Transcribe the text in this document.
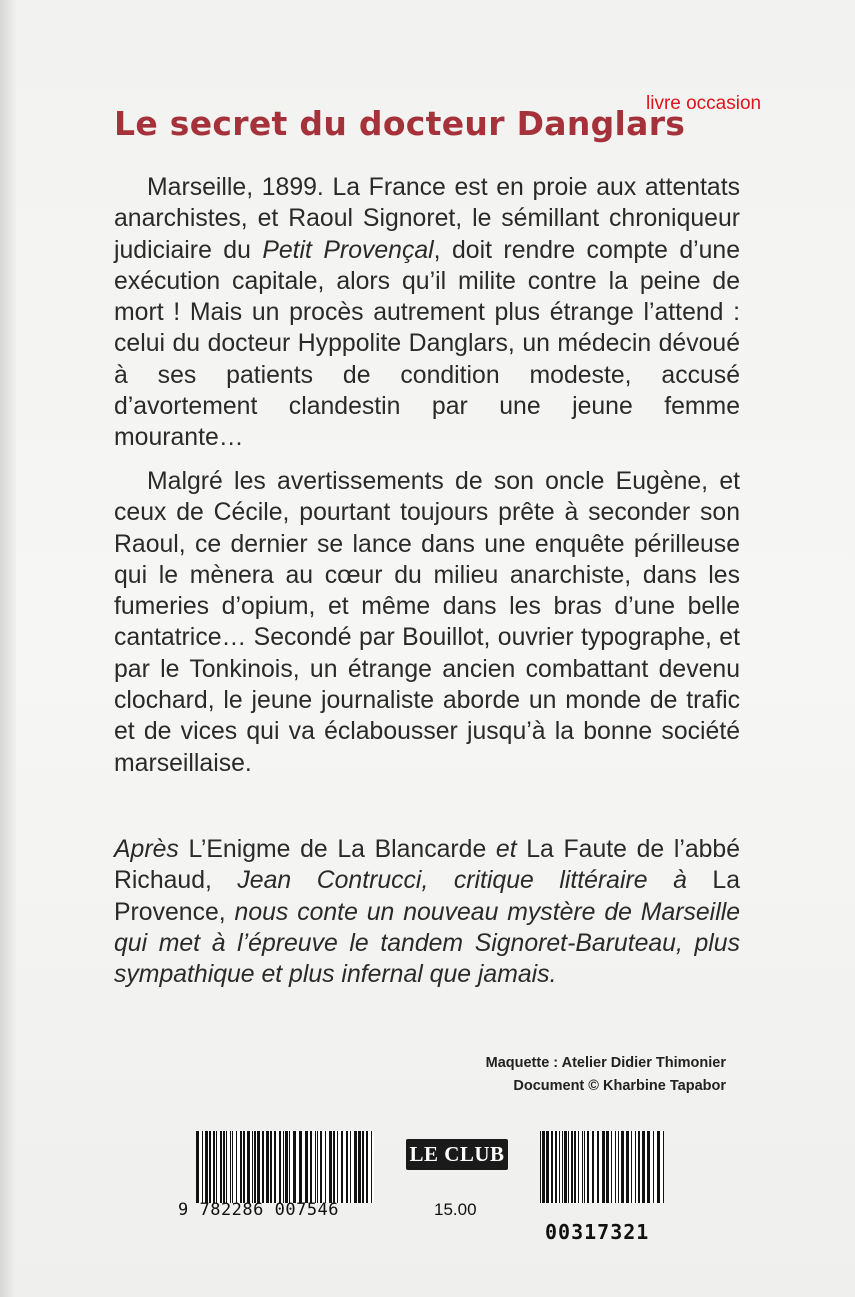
livre occasion
Le secret du docteur Danglars

Marseille, 1899. La France est en proie aux attentats anarchistes, et Raoul Signoret, le sémillant chroniqueur judiciaire du Petit Provençal, doit rendre compte d’une exécution capitale, alors qu’il milite contre la peine de mort ! Mais un procès autrement plus étrange l’attend : celui du docteur Hyppolite Danglars, un médecin dévoué à ses patients de condition modeste, accusé d’avortement clandestin par une jeune femme mourante…

Malgré les avertissements de son oncle Eugène, et ceux de Cécile, pourtant toujours prête à seconder son Raoul, ce dernier se lance dans une enquête périlleuse qui le mènera au cœur du milieu anarchiste, dans les fumeries d’opium, et même dans les bras d’une belle cantatrice… Secondé par Bouillot, ouvrier typographe, et par le Tonkinois, un étrange ancien combattant devenu clochard, le jeune journaliste aborde un monde de trafic et de vices qui va éclabousser jusqu’à la bonne société marseillaise.

Après L’Enigme de La Blancarde et La Faute de l’abbé Richaud, Jean Contrucci, critique littéraire à La Provence, nous conte un nouveau mystère de Marseille qui met à l’épreuve le tandem Signoret-Baruteau, plus sympathique et plus infernal que jamais.

Maquette : Atelier Didier Thimonier
Document © Kharbine Tapabor
9 782286 007546
LE CLUB
15.00
00317321
